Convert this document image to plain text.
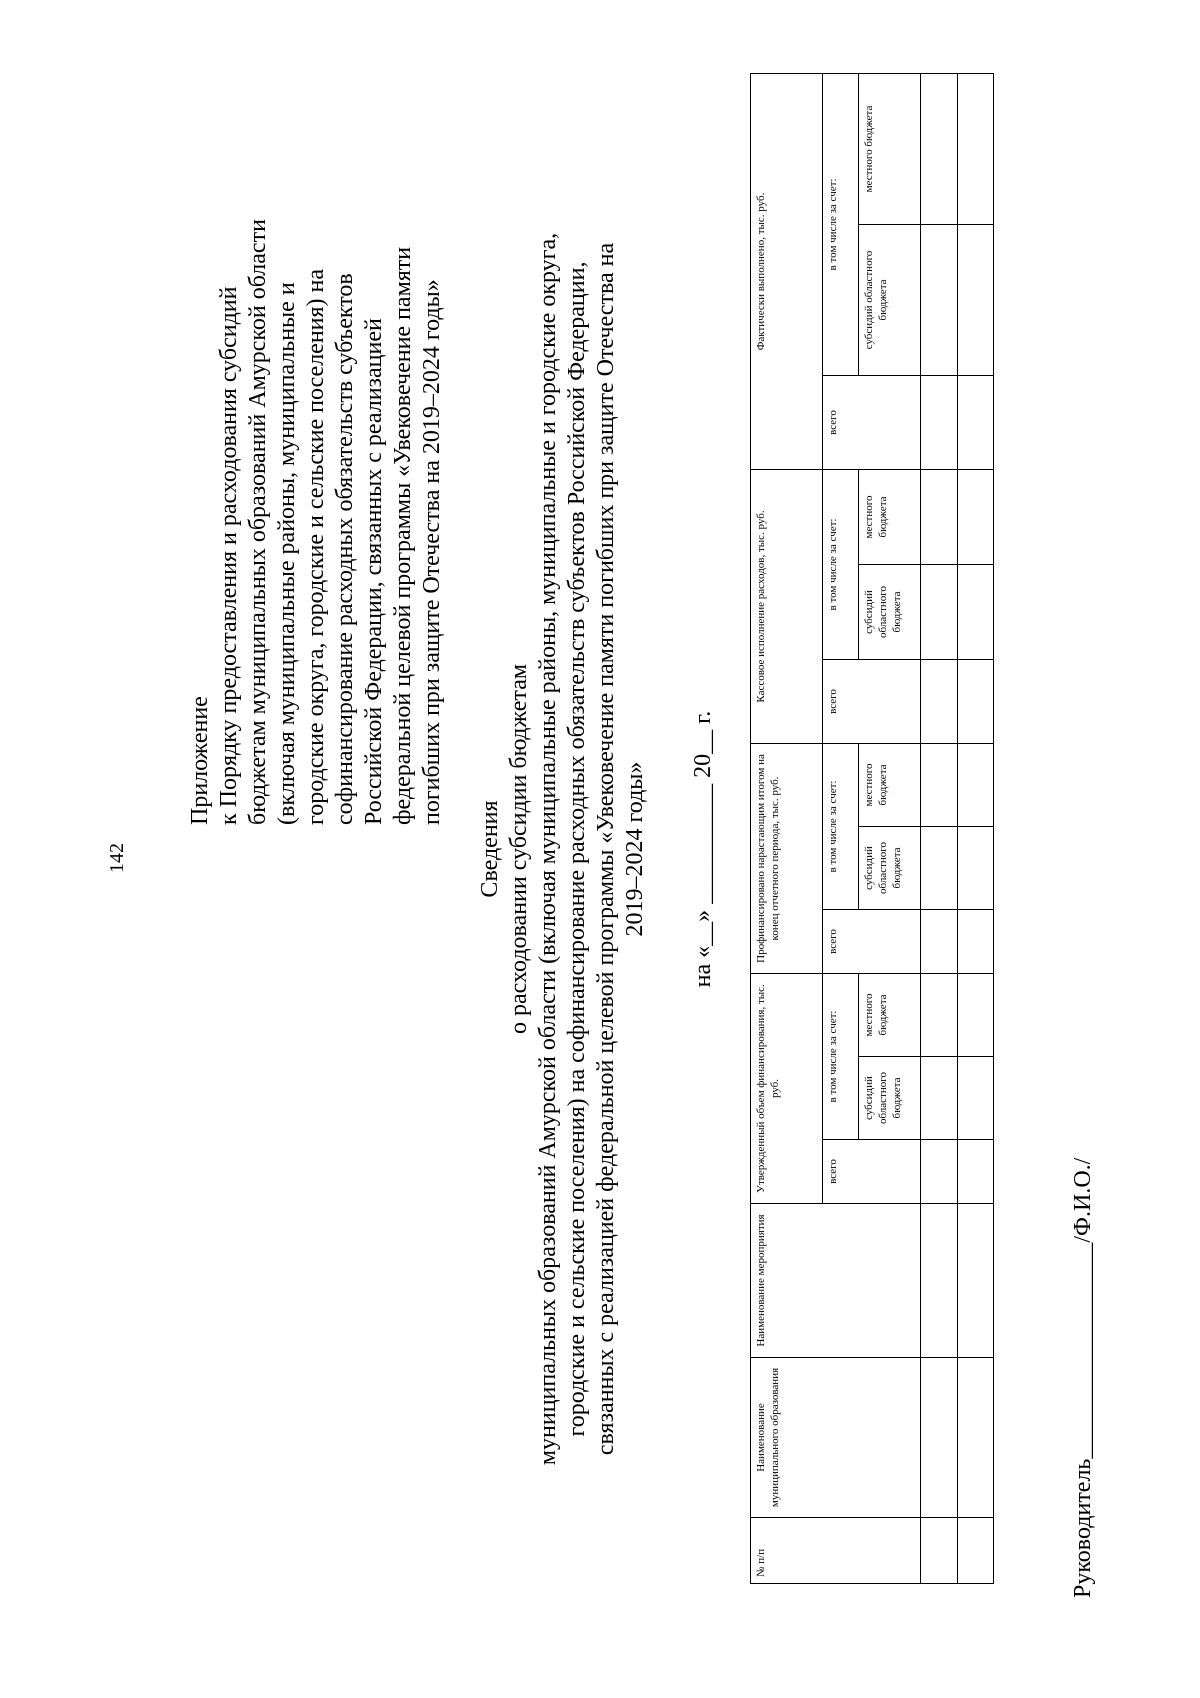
142
Приложение к Порядку предоставления и расходования субсидий бюджетам муниципальных образований Амурской области (включая муниципальные районы, муниципальные и городские округа, городские и сельские поселения) на софинансирование расходных обязательств субъектов Российской Федерации, связанных с реализацией федеральной целевой программы «Увековечение памяти погибших при защите Отечества на 2019–2024 годы»
Сведения о расходовании субсидии бюджетам муниципальных образований Амурской области (включая муниципальные районы, муниципальные и городские округа, городские и сельские поселения) на софинансирование расходных обязательств субъектов Российской Федерации, связанных с реализацией федеральной целевой программы «Увековечение памяти погибших при защите Отечества на 2019–2024 годы» на «__» __________ 20__ г.
№ п/п	Наименование муниципального образования	Наименование мероприятия	Утвержденный объем финансирования, тыс. руб.			Профинансировано нарастающим итогом на конец отчетного периода, тыс. руб.			Кассовое исполнение расходов, тыс. руб.			Фактически выполнено, тыс. руб.		
			всего	в том числе за счет:		всего	в том числе за счет:		всего	в том числе за счет:		всего	в том числе за счет:	
				субсидий областного бюджета	местного бюджета		субсидий областного бюджета	местного бюджета		субсидий областного бюджета	местного бюджета		субсидий областного бюджета	местного бюджета

Руководитель__________________/Ф.И.О./
